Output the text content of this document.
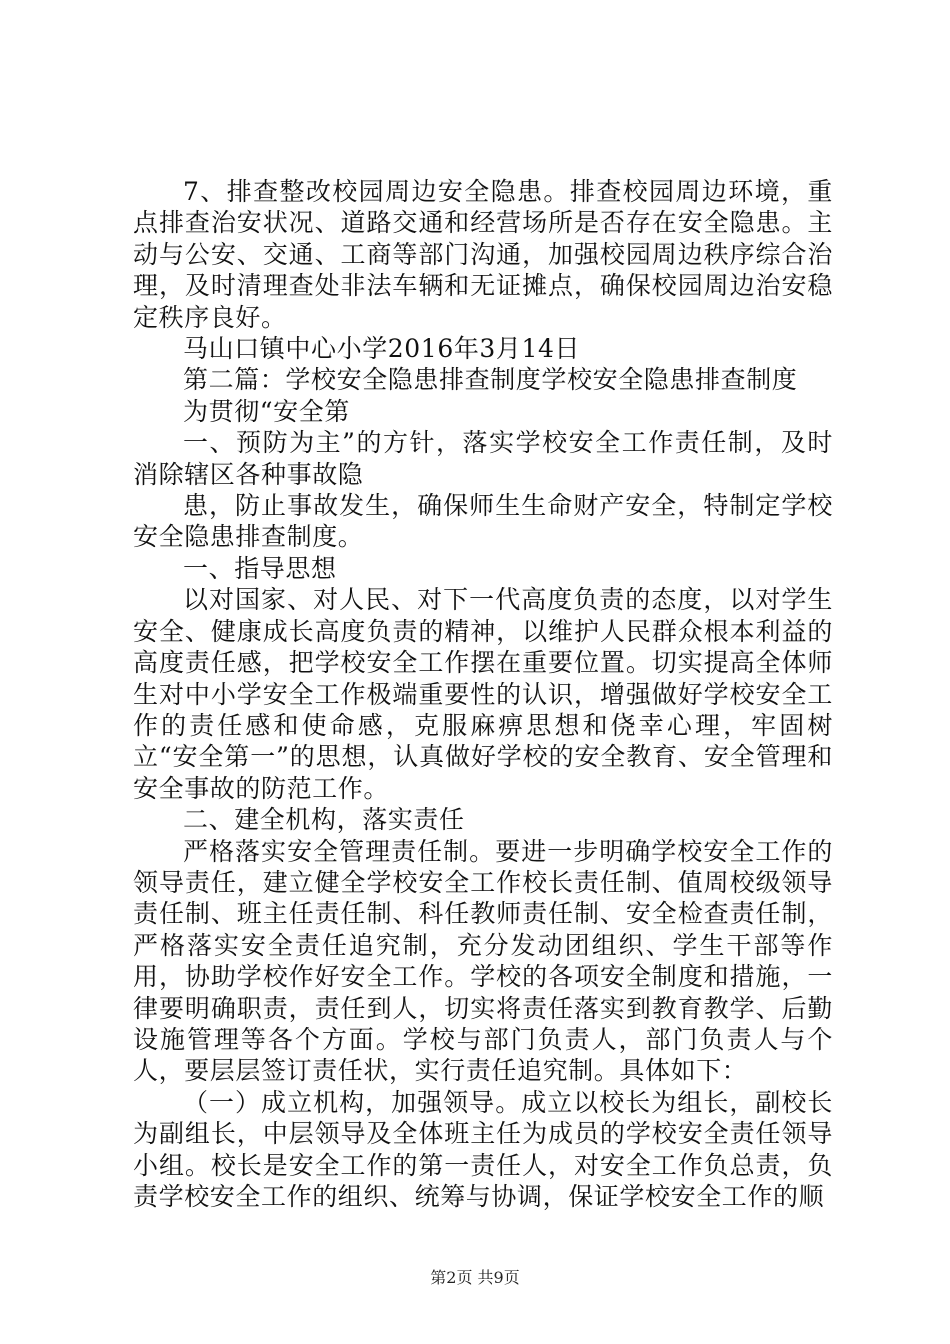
7、排查整改校园周边安全隐患。排查校园周边环境，重点排查治安状况、道路交通和经营场所是否存在安全隐患。主动与公安、交通、工商等部门沟通，加强校园周边秩序综合治理，及时清理查处非法车辆和无证摊点，确保校园周边治安稳定秩序良好。

马山口镇中心小学2016年3月14日

第二篇：学校安全隐患排查制度学校安全隐患排查制度

为贯彻“安全第

一、预防为主”的方针，落实学校安全工作责任制，及时消除辖区各种事故隐

患，防止事故发生，确保师生生命财产安全，特制定学校安全隐患排查制度。

一、指导思想

以对国家、对人民、对下一代高度负责的态度，以对学生安全、健康成长高度负责的精神，以维护人民群众根本利益的高度责任感，把学校安全工作摆在重要位置。切实提高全体师生对中小学安全工作极端重要性的认识，增强做好学校安全工作的责任感和使命感，克服麻痹思想和侥幸心理，牢固树立“安全第一”的思想，认真做好学校的安全教育、安全管理和安全事故的防范工作。

二、建全机构，落实责任

严格落实安全管理责任制。要进一步明确学校安全工作的领导责任，建立健全学校安全工作校长责任制、值周校级领导责任制、班主任责任制、科任教师责任制、安全检查责任制，严格落实安全责任追究制，充分发动团组织、学生干部等作用，协助学校作好安全工作。学校的各项安全制度和措施，一律要明确职责，责任到人，切实将责任落实到教育教学、后勤设施管理等各个方面。学校与部门负责人，部门负责人与个人，要层层签订责任状，实行责任追究制。具体如下：

（一）成立机构，加强领导。成立以校长为组长，副校长为副组长，中层领导及全体班主任为成员的学校安全责任领导小组。校长是安全工作的第一责任人，对安全工作负总责，负责学校安全工作的组织、统筹与协调，保证学校安全工作的顺

第2页 共9页
